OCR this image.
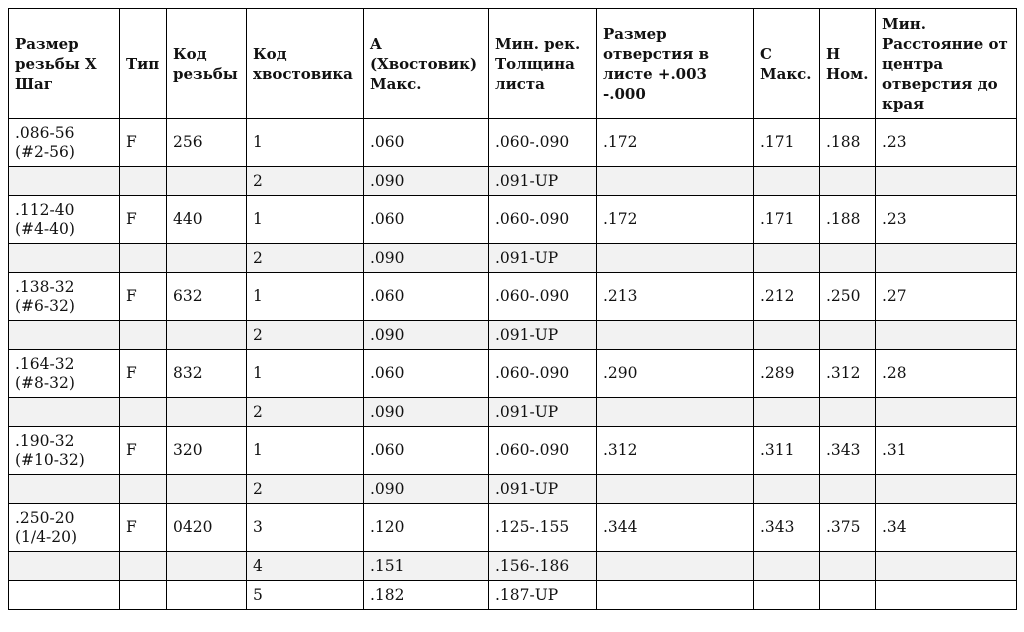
Размер резьбы X Шаг	Тип	Код резьбы	Код хвостовика	A (Хвостовик) Макс.	Мин. рек. Толщина листа	Размер отверстия в листе +.003 -.000	C Макс.	H Ном.	Мин. Расстояние от центра отверстия до края
.086-56 (#2-56)	F	256	1	.060	.060-.090	.172	.171	.188	.23
			2	.090	.091-UP				
.112-40 (#4-40)	F	440	1	.060	.060-.090	.172	.171	.188	.23
			2	.090	.091-UP				
.138-32 (#6-32)	F	632	1	.060	.060-.090	.213	.212	.250	.27
			2	.090	.091-UP				
.164-32 (#8-32)	F	832	1	.060	.060-.090	.290	.289	.312	.28
			2	.090	.091-UP				
.190-32 (#10-32)	F	320	1	.060	.060-.090	.312	.311	.343	.31
			2	.090	.091-UP				
.250-20 (1/4-20)	F	0420	3	.120	.125-.155	.344	.343	.375	.34
			4	.151	.156-.186				
			5	.182	.187-UP				
